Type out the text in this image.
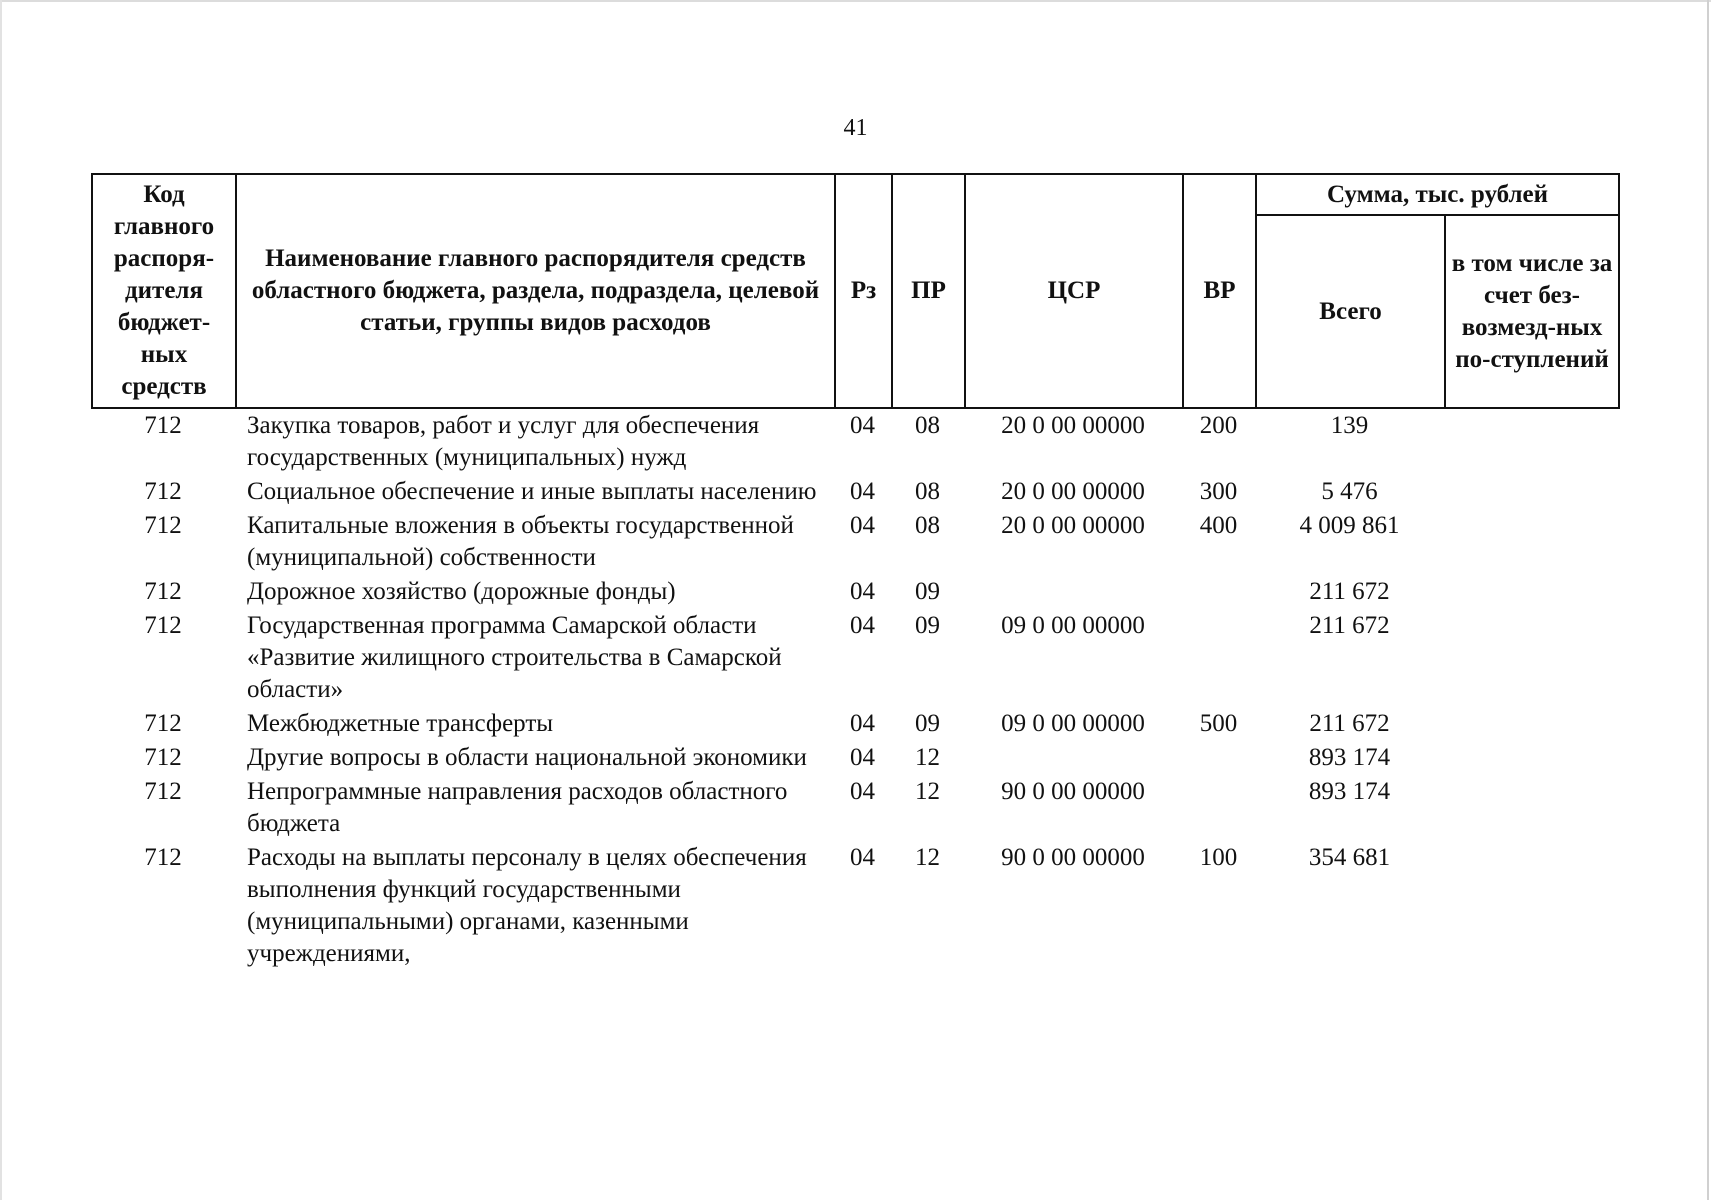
41
Код главного распоря-дителя бюджет-ных средств	Наименование главного распорядителя средств областного бюджета, раздела, подраздела, целевой статьи, группы видов расходов	Рз	ПР	ЦСР	ВР	Сумма, тыс. рублей	
						Всего	в том числе за счет без-возмезд-ных по-ступлений
712	Закупка товаров, работ и услуг для обеспечения государственных (муниципальных) нужд	04	08	20 0 00 00000	200	139	
712	Социальное обеспечение и иные выплаты населению	04	08	20 0 00 00000	300	5 476	
712	Капитальные вложения в объекты государственной (муниципальной) собственности	04	08	20 0 00 00000	400	4 009 861	
712	Дорожное хозяйство (дорожные фонды)	04	09			211 672	
712	Государственная программа Самарской области «Развитие жилищного строительства в Самарской области»	04	09	09 0 00 00000		211 672	
712	Межбюджетные трансферты	04	09	09 0 00 00000	500	211 672	
712	Другие вопросы в области национальной экономики	04	12			893 174	
712	Непрограммные направления расходов областного бюджета	04	12	90 0 00 00000		893 174	
712	Расходы на выплаты персоналу в целях обеспечения выполнения функций государственными (муниципальными) органами, казенными учреждениями,	04	12	90 0 00 00000	100	354 681	
